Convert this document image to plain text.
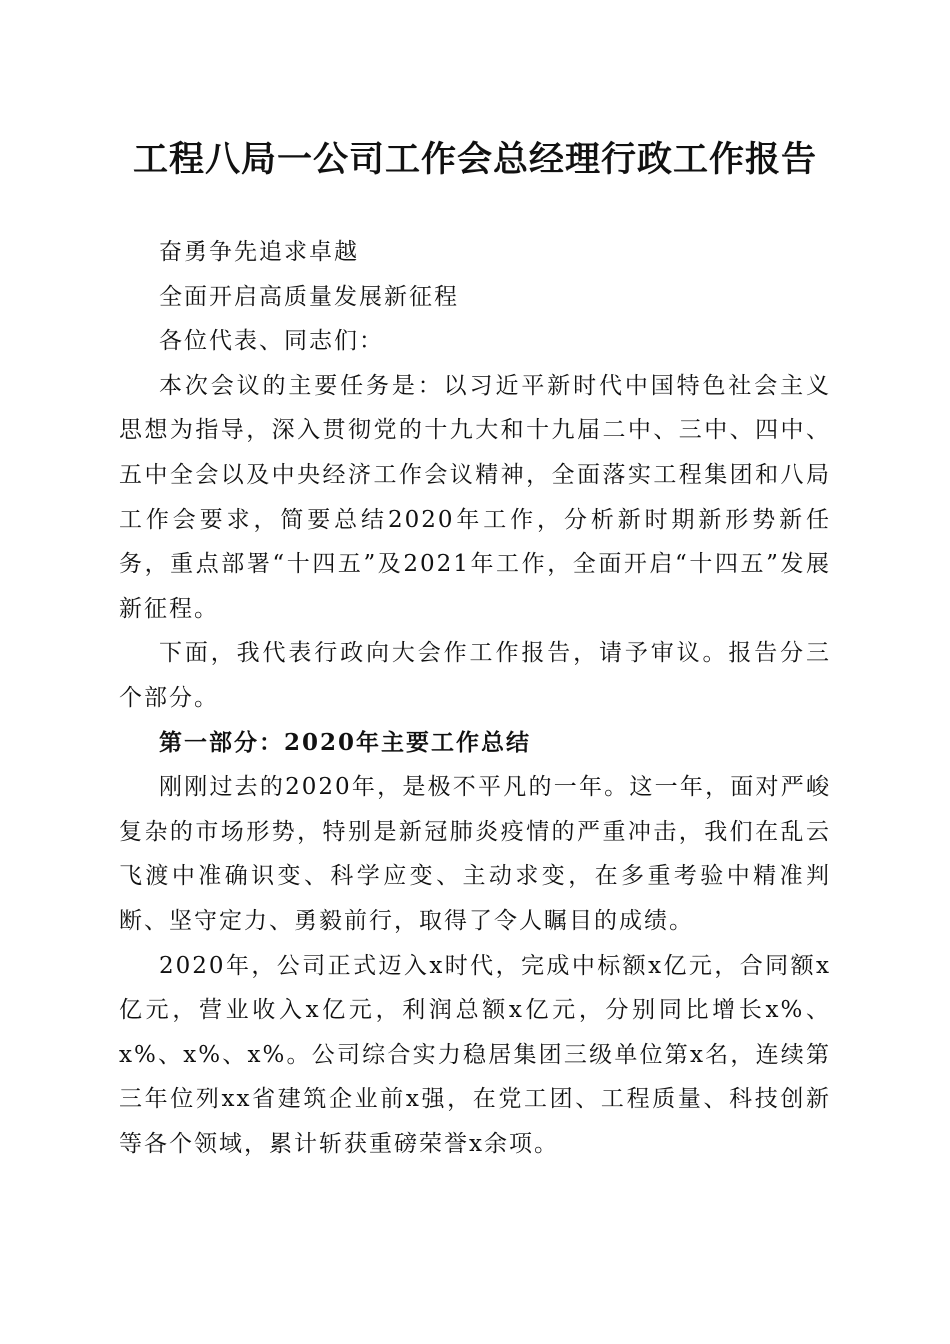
工程八局一公司工作会总经理行政工作报告

奋勇争先追求卓越

全面开启高质量发展新征程

各位代表、同志们：

本次会议的主要任务是：以习近平新时代中国特色社会主义思想为指导，深入贯彻党的十九大和十九届二中、三中、四中、五中全会以及中央经济工作会议精神，全面落实工程集团和八局工作会要求，简要总结2020年工作，分析新时期新形势新任务，重点部署“十四五”及2021年工作，全面开启“十四五”发展新征程。

下面，我代表行政向大会作工作报告，请予审议。报告分三个部分。

第一部分：2020年主要工作总结

刚刚过去的2020年，是极不平凡的一年。这一年，面对严峻复杂的市场形势，特别是新冠肺炎疫情的严重冲击，我们在乱云飞渡中准确识变、科学应变、主动求变，在多重考验中精准判断、坚守定力、勇毅前行，取得了令人瞩目的成绩。

2020年，公司正式迈入x时代，完成中标额x亿元，合同额x亿元，营业收入x亿元，利润总额x亿元，分别同比增长x%、x%、x%、x%。公司综合实力稳居集团三级单位第x名，连续第三年位列xx省建筑企业前x强，在党工团、工程质量、科技创新等各个领域，累计斩获重磅荣誉x余项。
